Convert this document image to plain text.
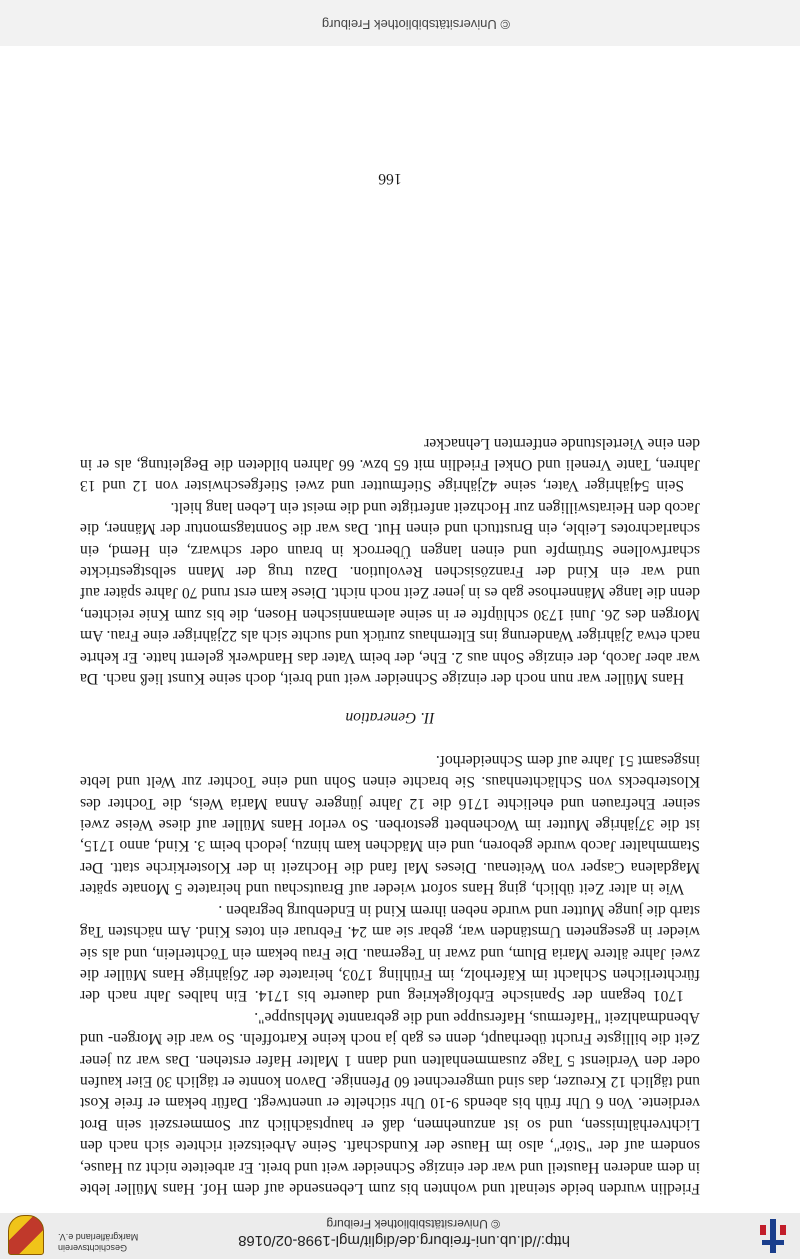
http://dl.ub.uni-freiburg.de/diglit/mgl-1998-02/0168
© Universitätsbibliothek Freiburg
Geschichtsverein
Markgräflerland e.V.

Friedlin wurden beide steinalt und wohnten bis zum Lebensende auf dem Hof. Hans Müller lebte in dem anderen Hausteil und war der einzige Schneider weit und breit. Er arbeitete nicht zu Hause, sondern auf der "Stör", also im Hause der Kundschaft. Seine Arbeitszeit richtete sich nach den Lichtverhältnissen, und so ist anzunehmen, daß er hauptsächlich zur Sommerszeit sein Brot verdiente. Von 6 Uhr früh bis abends 9-10 Uhr stichelte er unentwegt. Dafür bekam er freie Kost und täglich 12 Kreuzer, das sind umgerechnet 60 Pfennige. Davon konnte er täglich 30 Eier kaufen oder den Verdienst 5 Tage zusammenhalten und dann 1 Malter Hafer erstehen. Das war zu jener Zeit die billigste Frucht überhaupt, denn es gab ja noch keine Kartoffeln. So war die Morgen- und Abendmahlzeit "Hafermus, Hafersuppe und die gebrannte Mehlsuppe".

1701 begann der Spanische Erbfolgekrieg und dauerte bis 1714. Ein halbes Jahr nach der fürchterlichen Schlacht im Käferholz, im Frühling 1703, heiratete der 26jährige Hans Müller die zwei Jahre ältere Maria Blum, und zwar in Tegernau. Die Frau bekam ein Töchterlein, und als sie wieder in gesegneten Umständen war, gebar sie am 24. Februar ein totes Kind. Am nächsten Tag starb die junge Mutter und wurde neben ihrem Kind in Endenburg begraben .

Wie in alter Zeit üblich, ging Hans sofort wieder auf Brautschau und heiratete 5 Monate später Magdalena Casper von Weitenau. Dieses Mal fand die Hochzeit in der Klosterkirche statt. Der Stammhalter Jacob wurde geboren, und ein Mädchen kam hinzu, jedoch beim 3. Kind, anno 1715, ist die 37jährige Mutter im Wochenbett gestorben. So verlor Hans Müller auf diese Weise zwei seiner Ehefrauen und ehelichte 1716 die 12 Jahre jüngere Anna Maria Weis, die Tochter des Klosterbecks von Schlächtenhaus. Sie brachte einen Sohn und eine Tochter zur Welt und lebte insgesamt 51 Jahre auf dem Schneiderhof.

II. Generation

Hans Müller war nun noch der einzige Schneider weit und breit, doch seine Kunst ließ nach. Da war aber Jacob, der einzige Sohn aus 2. Ehe, der beim Vater das Handwerk gelernt hatte. Er kehrte nach etwa 2jähriger Wanderung ins Elternhaus zurück und suchte sich als 22jähriger eine Frau. Am Morgen des 26. Juni 1730 schlüpfte er in seine alemannischen Hosen, die bis zum Knie reichten, denn die lange Männerhose gab es in jener Zeit noch nicht. Diese kam erst rund 70 Jahre später auf und war ein Kind der Französischen Revolution. Dazu trug der Mann selbstgestrickte scharfwollene Strümpfe und einen langen Überrock in braun oder schwarz, ein Hemd, ein scharlachrotes Leible, ein Brusttuch und einen Hut. Das war die Sonntagsmontur der Männer, die Jacob den Heiratswilligen zur Hochzeit anfertigte und die meist ein Leben lang hielt.

Sein 54jähriger Vater, seine 42jährige Stiefmutter und zwei Stiefgeschwister von 12 und 13 Jahren, Tante Vreneli und Onkel Friedlin mit 65 bzw. 66 Jahren bildeten die Begleitung, als er in den eine Viertelstunde entfernten Lehnacker

166
© Universitätsbibliothek Freiburg
